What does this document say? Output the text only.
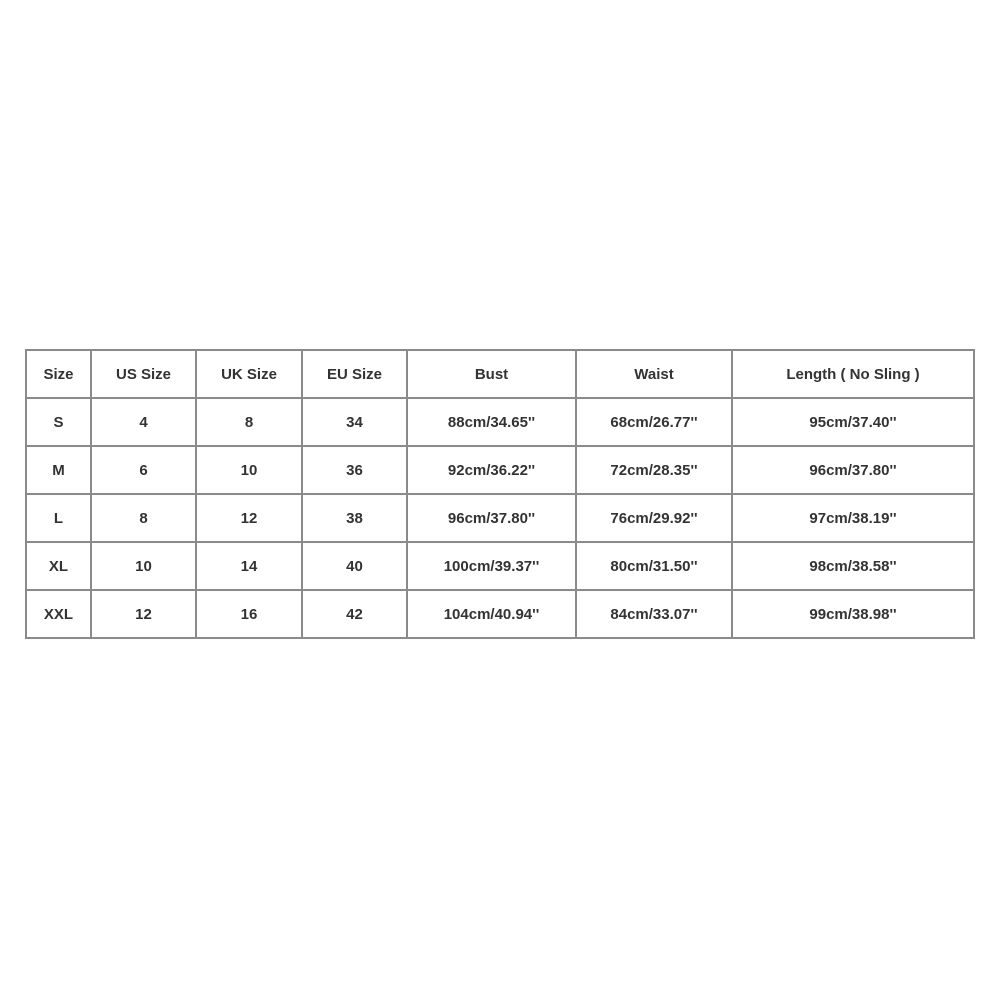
Size	US Size	UK Size	EU Size	Bust	Waist	Length ( No Sling )
S	4	8	34	88cm/34.65''	68cm/26.77''	95cm/37.40''
M	6	10	36	92cm/36.22''	72cm/28.35''	96cm/37.80''
L	8	12	38	96cm/37.80''	76cm/29.92''	97cm/38.19''
XL	10	14	40	100cm/39.37''	80cm/31.50''	98cm/38.58''
XXL	12	16	42	104cm/40.94''	84cm/33.07''	99cm/38.98''
